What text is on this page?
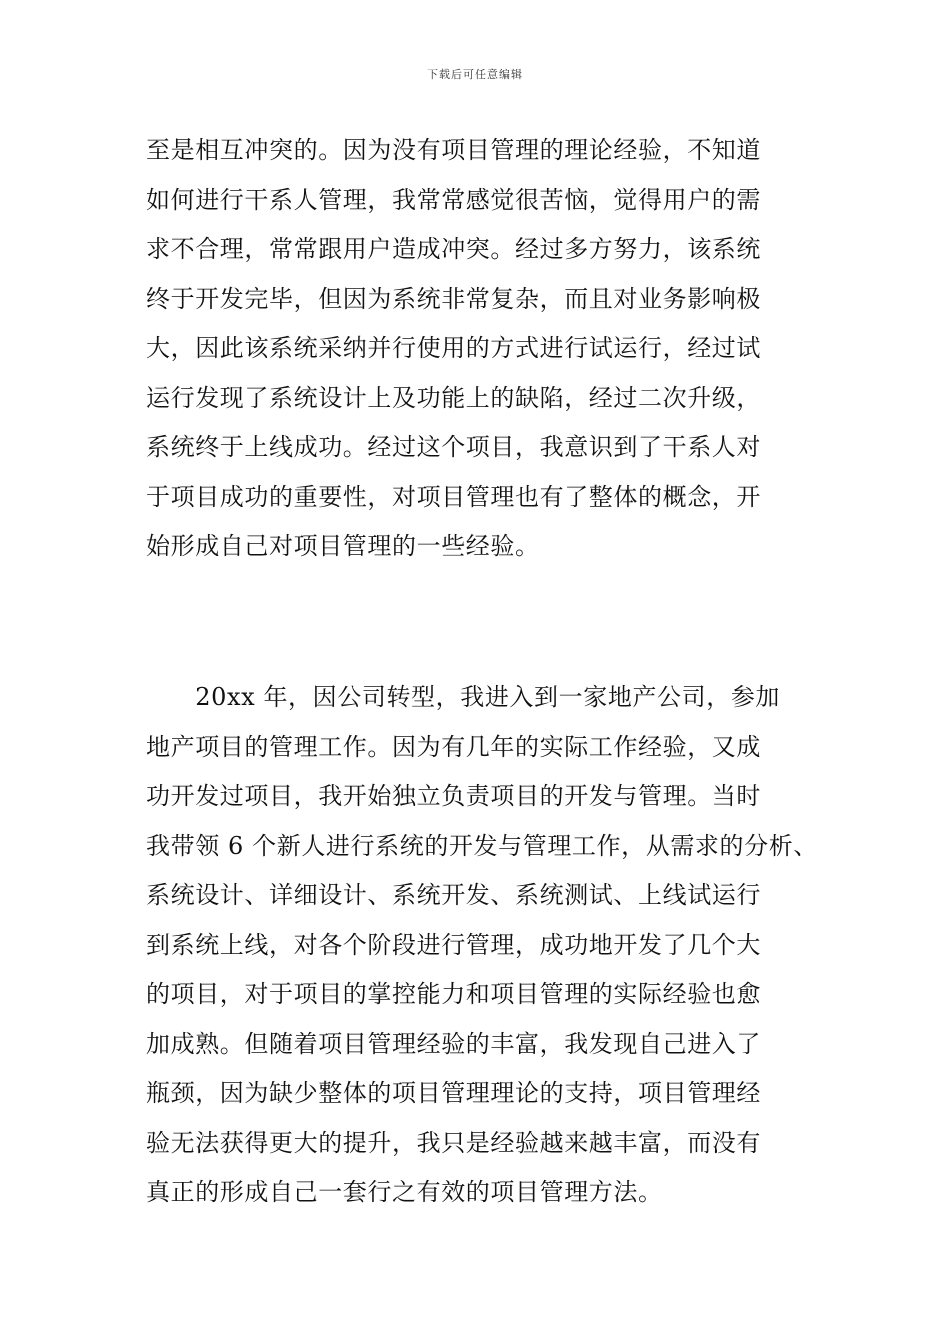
下载后可任意编辑
至是相互冲突的。因为没有项目管理的理论经验，不知道
如何进行干系人管理，我常常感觉很苦恼，觉得用户的需
求不合理，常常跟用户造成冲突。经过多方努力，该系统
终于开发完毕，但因为系统非常复杂，而且对业务影响极
大，因此该系统采纳并行使用的方式进行试运行，经过试
运行发现了系统设计上及功能上的缺陷，经过二次升级，
系统终于上线成功。经过这个项目，我意识到了干系人对
于项目成功的重要性，对项目管理也有了整体的概念，开
始形成自己对项目管理的一些经验。
　　20xx 年，因公司转型，我进入到一家地产公司，参加
地产项目的管理工作。因为有几年的实际工作经验，又成
功开发过项目，我开始独立负责项目的开发与管理。当时
我带领 6 个新人进行系统的开发与管理工作，从需求的分析、
系统设计、详细设计、系统开发、系统测试、上线试运行
到系统上线，对各个阶段进行管理，成功地开发了几个大
的项目，对于项目的掌控能力和项目管理的实际经验也愈
加成熟。但随着项目管理经验的丰富，我发现自己进入了
瓶颈，因为缺少整体的项目管理理论的支持，项目管理经
验无法获得更大的提升，我只是经验越来越丰富，而没有
真正的形成自己一套行之有效的项目管理方法。
